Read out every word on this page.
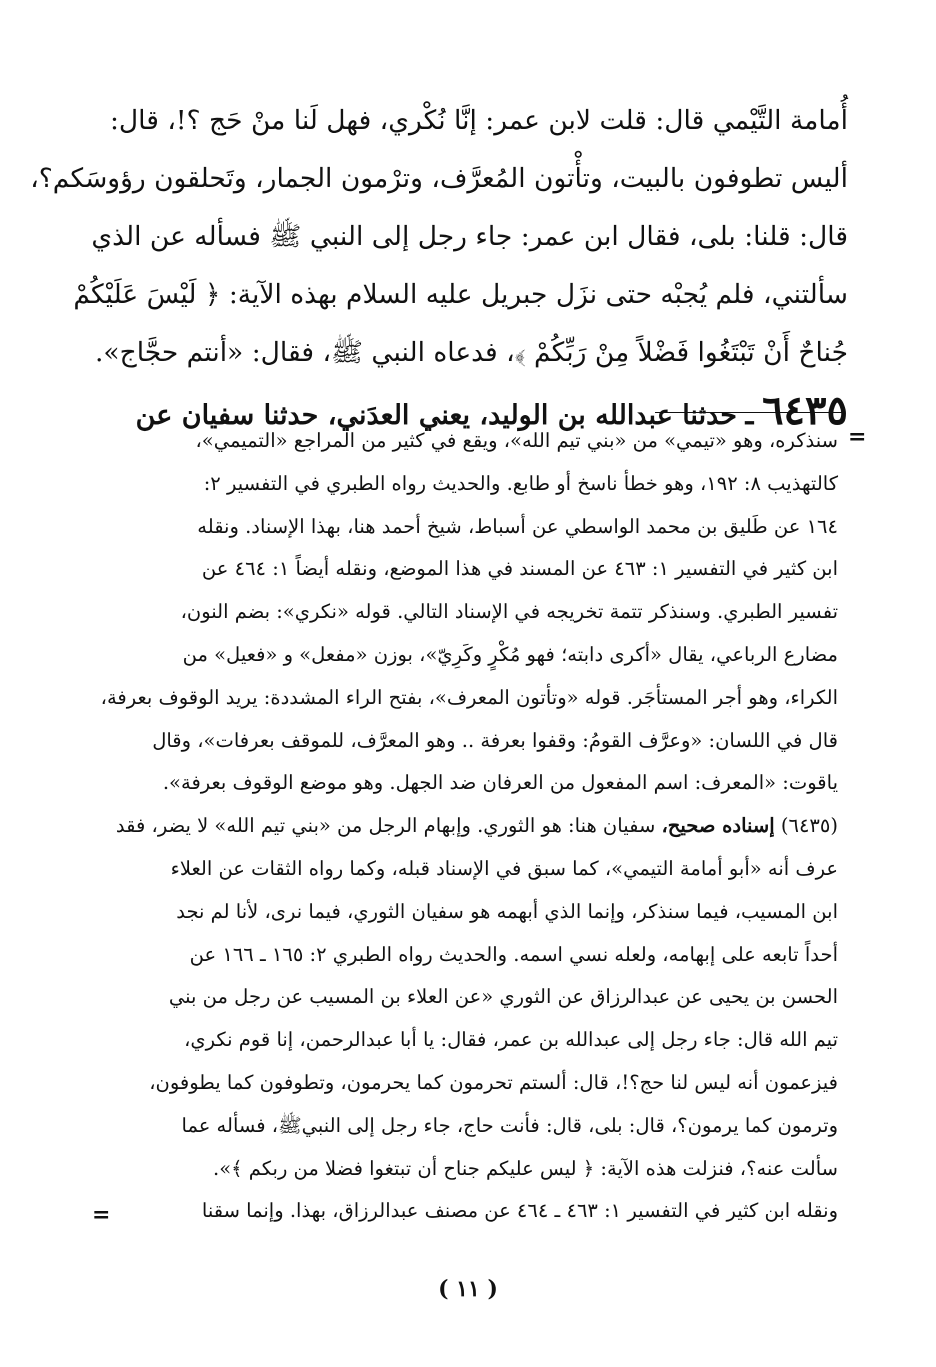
أُمامة التَّيْمي قال: قلت لابن عمر: إنَّا نُكْري، فهل لَنا منْ حَج ؟!، قال:
أليس تطوفون بالبيت، وتأْتون المُعرَّف، وترْمون الجمار، وتَحلقون رؤوسَكم؟،
قال: قلنا: بلى، فقال ابن عمر: جاء رجل إلى النبي ﷺ فسأله عن الذي
سألتني، فلم يُجبْه حتى نزَل جبريل عليه السلام بهذه الآية: ﴿ لَيْسَ عَلَيْكُمْ
جُناحٌ أَنْ تَبْتَغُوا فَضْلاً مِنْ رَبِّكُمْ ﴾، فدعاه النبي ﷺ، فقال: «أنتم حجَّاج».
٦٤٣٥ ـ حدثنا عبدالله بن الوليد، يعني العدَني، حدثنا سفيان عن
=
سنذكره، وهو «تيمي» من «بني تيم الله»، ويقع في كثير من المراجع «التميمي»،
كالتهذيب ٨: ١٩٢، وهو خطأ ناسخ أو طابع. والحديث رواه الطبري في التفسير ٢:
١٦٤ عن طَليق بن محمد الواسطي عن أسباط، شيخ أحمد هنا، بهذا الإسناد. ونقله
ابن كثير في التفسير ١: ٤٦٣ عن المسند في هذا الموضع، ونقله أيضاً ١: ٤٦٤ عن
تفسير الطبري. وسنذكر تتمة تخريجه في الإسناد التالي. قوله «نكري»: بضم النون،
مضارع الرباعي، يقال «أكرى دابته؛ فهو مُكْرٍ وكَرِيّ»، بوزن «مفعل» و «فعيل» من
الكراء، وهو أجر المستأجَر. قوله «وتأتون المعرف»، بفتح الراء المشددة: يريد الوقوف بعرفة،
قال في اللسان: «وعرَّف القومُ: وقفوا بعرفة .. وهو المعرَّف، للموقف بعرفات»، وقال
ياقوت: «المعرف: اسم المفعول من العرفان ضد الجهل. وهو موضع الوقوف بعرفة».
(٦٤٣٥) إسناده صحيح، سفيان هنا: هو الثوري. وإبهام الرجل من «بني تيم الله» لا يضر، فقد
عرف أنه «أبو أمامة التيمي»، كما سبق في الإسناد قبله، وكما رواه الثقات عن العلاء
ابن المسيب، فيما سنذكر، وإنما الذي أبهمه هو سفيان الثوري، فيما نرى، لأنا لم نجد
أحداً تابعه على إبهامه، ولعله نسي اسمه. والحديث رواه الطبري ٢: ١٦٥ ـ ١٦٦ عن
الحسن بن يحيى عن عبدالرزاق عن الثوري «عن العلاء بن المسيب عن رجل من بني
تيم الله قال: جاء رجل إلى عبدالله بن عمر، فقال: يا أبا عبدالرحمن، إنا قوم نكري،
فيزعمون أنه ليس لنا حج؟!، قال: ألستم تحرمون كما يحرمون، وتطوفون كما يطوفون،
وترمون كما يرمون؟، قال: بلى، قال: فأنت حاج، جاء رجل إلى النبيﷺ، فسأله عما
سألت عنه؟، فنزلت هذه الآية: ﴿ ليس عليكم جناح أن تبتغوا فضلا من ربكم ﴾».
ونقله ابن كثير في التفسير ١: ٤٦٣ ـ ٤٦٤ عن مصنف عبدالرزاق، بهذا. وإنما سقنا
=
( ١١ )
